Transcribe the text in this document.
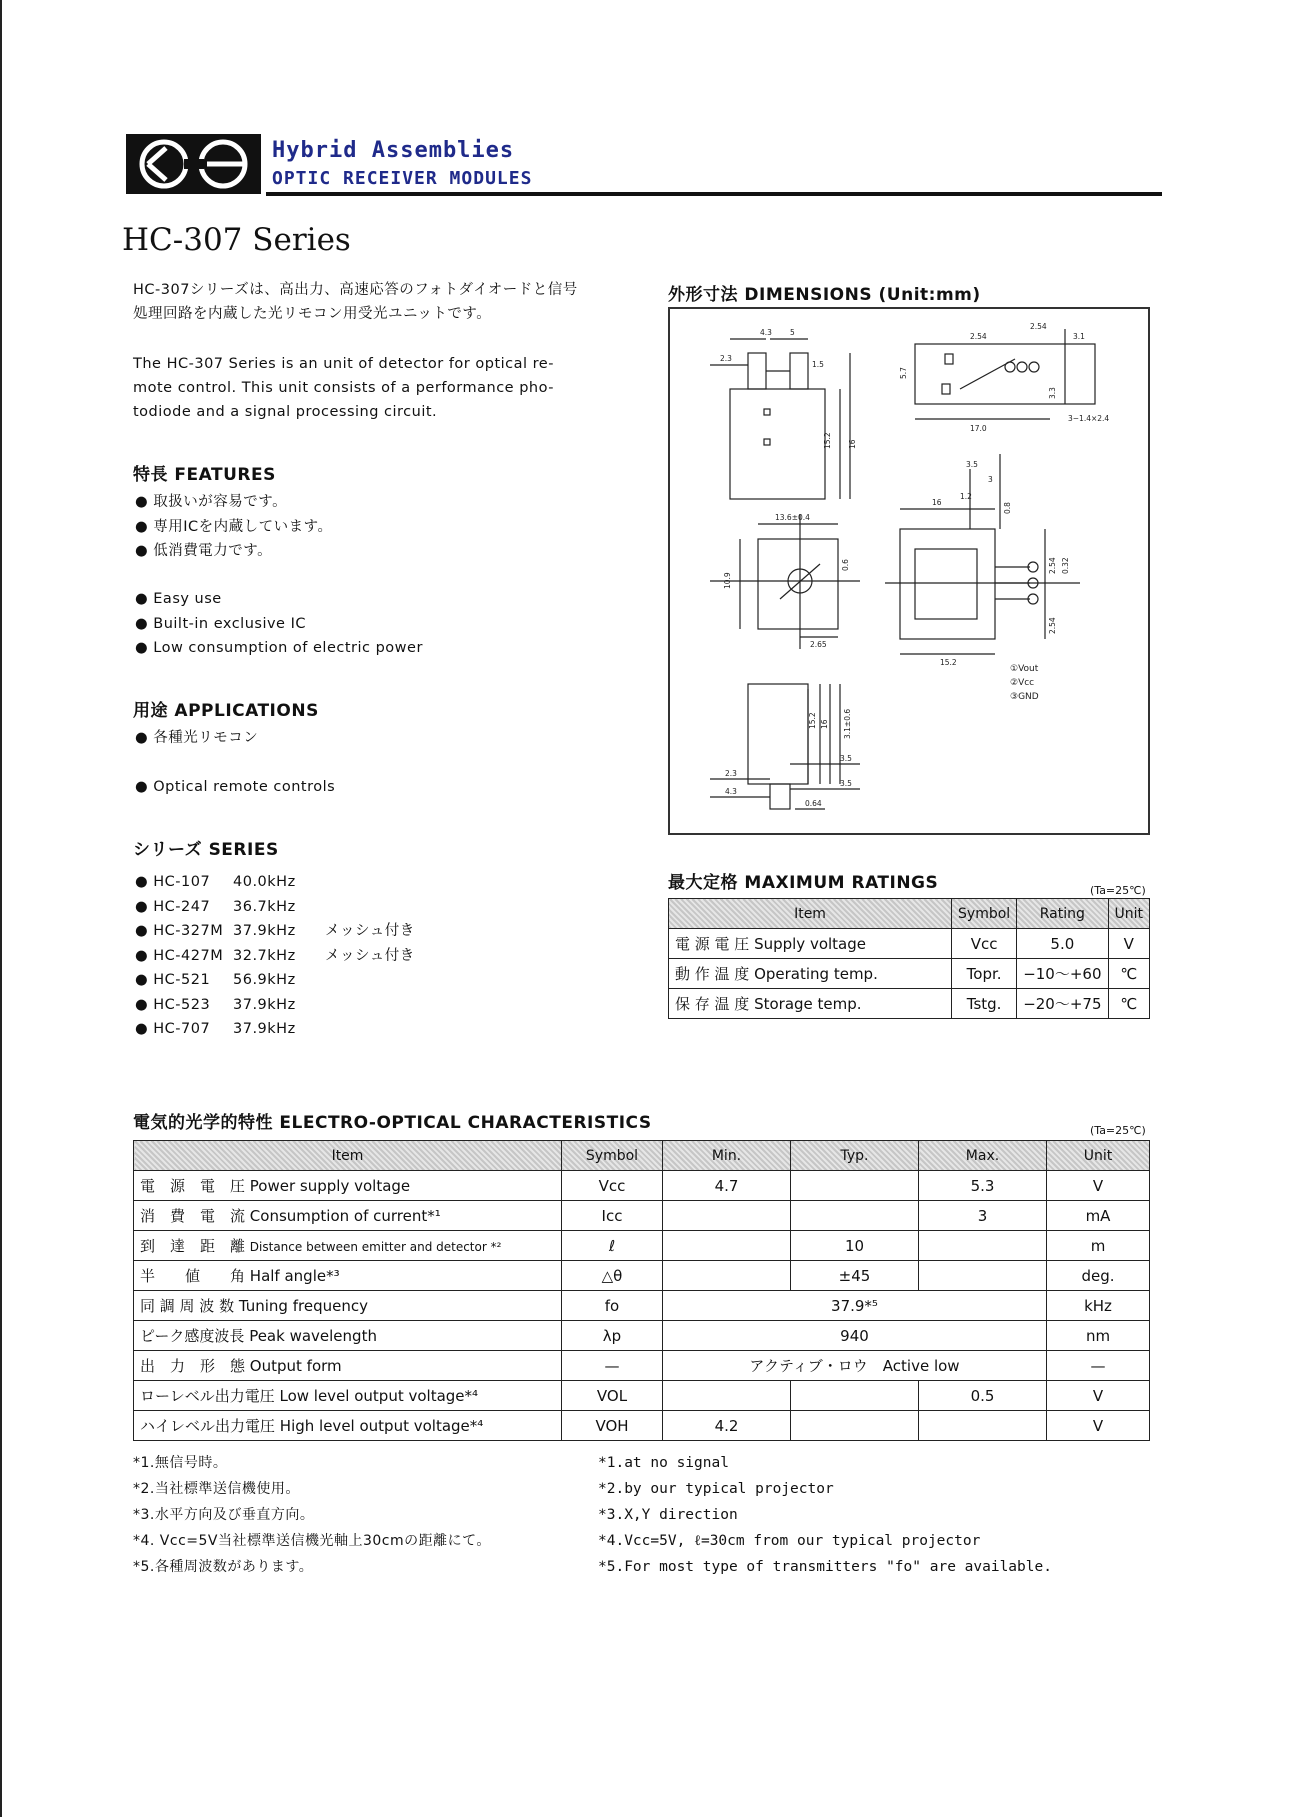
Hybrid Assemblies
OPTIC RECEIVER MODULES
HC-307 Series
HC-307シリーズは、高出力、高速応答のフォトダイオードと信号
処理回路を内蔵した光リモコン用受光ユニットです。
The HC-307 Series is an unit of detector for optical re-
mote control. This unit consists of a performance pho-
todiode and a signal processing circuit.
特長 FEATURES
● 取扱いが容易です。
● 専用ICを内蔵しています。
● 低消費電力です。
● Easy use
● Built-in exclusive IC
● Low consumption of electric power
用途 APPLICATIONS
● 各種光リモコン
● Optical remote controls
シリーズ SERIES
● HC-107	40.0kHz
● HC-247	36.7kHz
● HC-327M 37.9kHz	メッシュ付き
● HC-427M 32.7kHz	メッシュ付き
● HC-521	56.9kHz
● HC-523	37.9kHz
● HC-707	37.9kHz
外形寸法 DIMENSIONS (Unit:mm)
4.3 5
1.5
2.3
15.2 16
2.54
2.54
3.1
5.7
3.3
17.0
3−1.4×2.4
10.9
13.6±0.4
0.6
2.65
3.5
1.2
3
16
15.2
0.8
2.54 0.32
2.54
15.2 16 3.1±0.6
3.5
2.3
4.3
3.5
0.64
①Vout
②Vcc
③GND
最大定格 MAXIMUM RATINGS	(Ta=25℃)
Item	Symbol	Rating	Unit
電 源 電 圧 Supply voltage	Vcc	5.0	V
動 作 温 度 Operating temp.	Topr.	−10〜+60	℃
保 存 温 度 Storage temp.	Tstg.	−20〜+75	℃
電気的光学的特性 ELECTRO-OPTICAL CHARACTERISTICS	(Ta=25℃)
Item	Symbol	Min.	Typ.	Max.	Unit
電　源　電　圧 Power supply voltage	Vcc	4.7		5.3	V
消　費　電　流 Consumption of current*¹	Icc			3	mA
到　達　距　離 Distance between emitter and detector *²	ℓ		10		m
半　　値　　角 Half angle*³	△θ		±45		deg.
同 調 周 波 数 Tuning frequency	fo	37.9*⁵			kHz
ピーク感度波長 Peak wavelength	λp	940			nm
出　力　形　態 Output form	—	アクティブ・ロウ　Active low			—
ローレベル出力電圧 Low level output voltage*⁴	VOL			0.5	V
ハイレベル出力電圧 High level output voltage*⁴	VOH	4.2			V
*1.無信号時。
*2.当社標準送信機使用。
*3.水平方向及び垂直方向。
*4. Vcc=5V当社標準送信機光軸上30cmの距離にて。
*5.各種周波数があります。
*1.at no signal
*2.by our typical projector
*3.X,Y direction
*4.Vcc=5V, ℓ=30cm from our typical projector
*5.For most type of transmitters "fo" are available.
